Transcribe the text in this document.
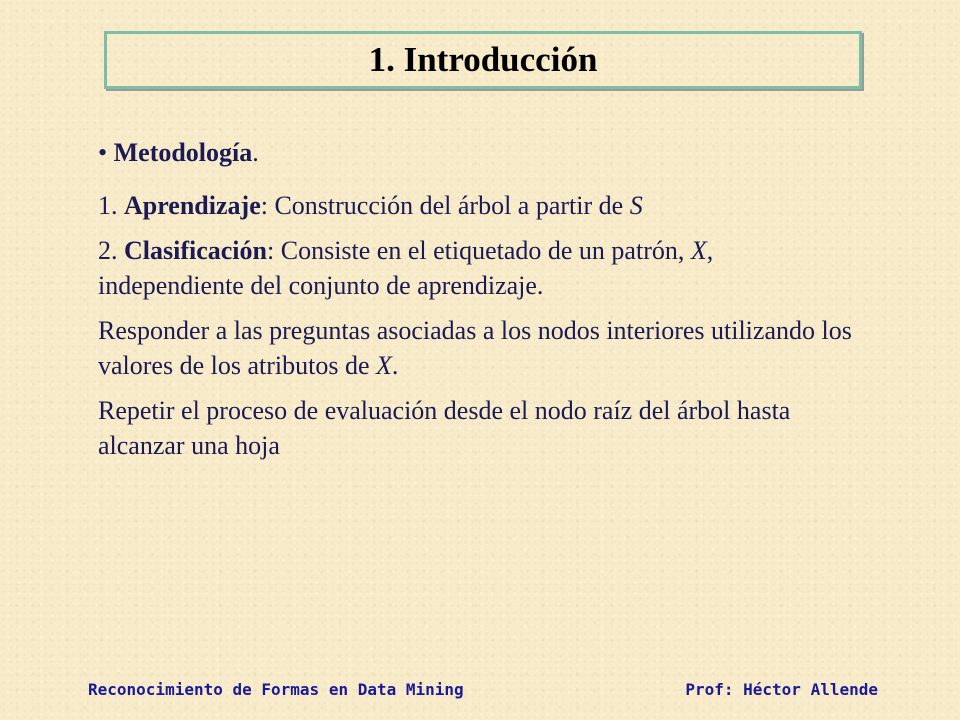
1. Introducción
• Metodología.
1. Aprendizaje: Construcción del árbol a partir de S
2. Clasificación: Consiste en el etiquetado de un patrón, X, independiente del conjunto de aprendizaje.
Responder a las preguntas asociadas a los nodos interiores utilizando los valores de los atributos de X.
Repetir el proceso de evaluación desde el nodo raíz del árbol hasta alcanzar una hoja
Reconocimiento de Formas en Data Mining	Prof: Héctor Allende
